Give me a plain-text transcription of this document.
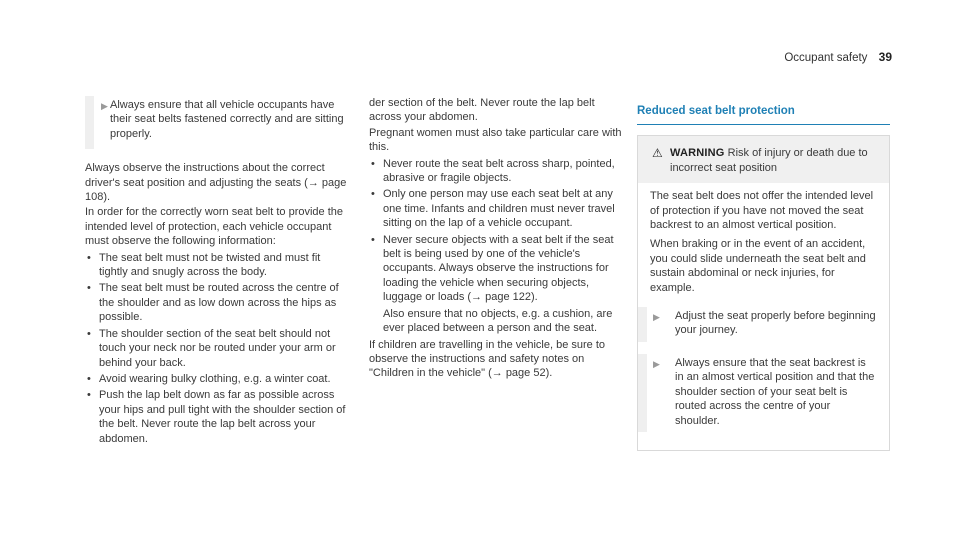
Occupant safety 39
▶ Always ensure that all vehicle occupants have their seat belts fastened correctly and are sitting properly.

Always observe the instructions about the correct driver's seat position and adjusting the seats (→ page 108).

In order for the correctly worn seat belt to provide the intended level of protection, each vehicle occupant must observe the following information:

• The seat belt must not be twisted and must fit tightly and snugly across the body.
• The seat belt must be routed across the centre of the shoulder and as low down across the hips as possible.
• The shoulder section of the seat belt should not touch your neck nor be routed under your arm or behind your back.
• Avoid wearing bulky clothing, e.g. a winter coat.
• Push the lap belt down as far as possible across your hips and pull tight with the shoulder section of the belt. Never route the lap belt across your abdomen.

der section of the belt. Never route the lap belt across your abdomen.

Pregnant women must also take particular care with this.

• Never route the seat belt across sharp, pointed, abrasive or fragile objects.
• Only one person may use each seat belt at any one time. Infants and children must never travel sitting on the lap of a vehicle occupant.
• Never secure objects with a seat belt if the seat belt is being used by one of the vehicle's occupants. Always observe the instructions for loading the vehicle when securing objects, luggage or loads (→ page 122).

Also ensure that no objects, e.g. a cushion, are ever placed between a person and the seat.

If children are travelling in the vehicle, be sure to observe the instructions and safety notes on "Children in the vehicle" (→ page 52).

Reduced seat belt protection
⚠ WARNING Risk of injury or death due to incorrect seat position

The seat belt does not offer the intended level of protection if you have not moved the seat backrest to an almost vertical position.

When braking or in the event of an accident, you could slide underneath the seat belt and sustain abdominal or neck injuries, for example.

▶ Adjust the seat properly before beginning your journey.
▶ Always ensure that the seat backrest is in an almost vertical position and that the shoulder section of your seat belt is routed across the centre of your shoulder.
